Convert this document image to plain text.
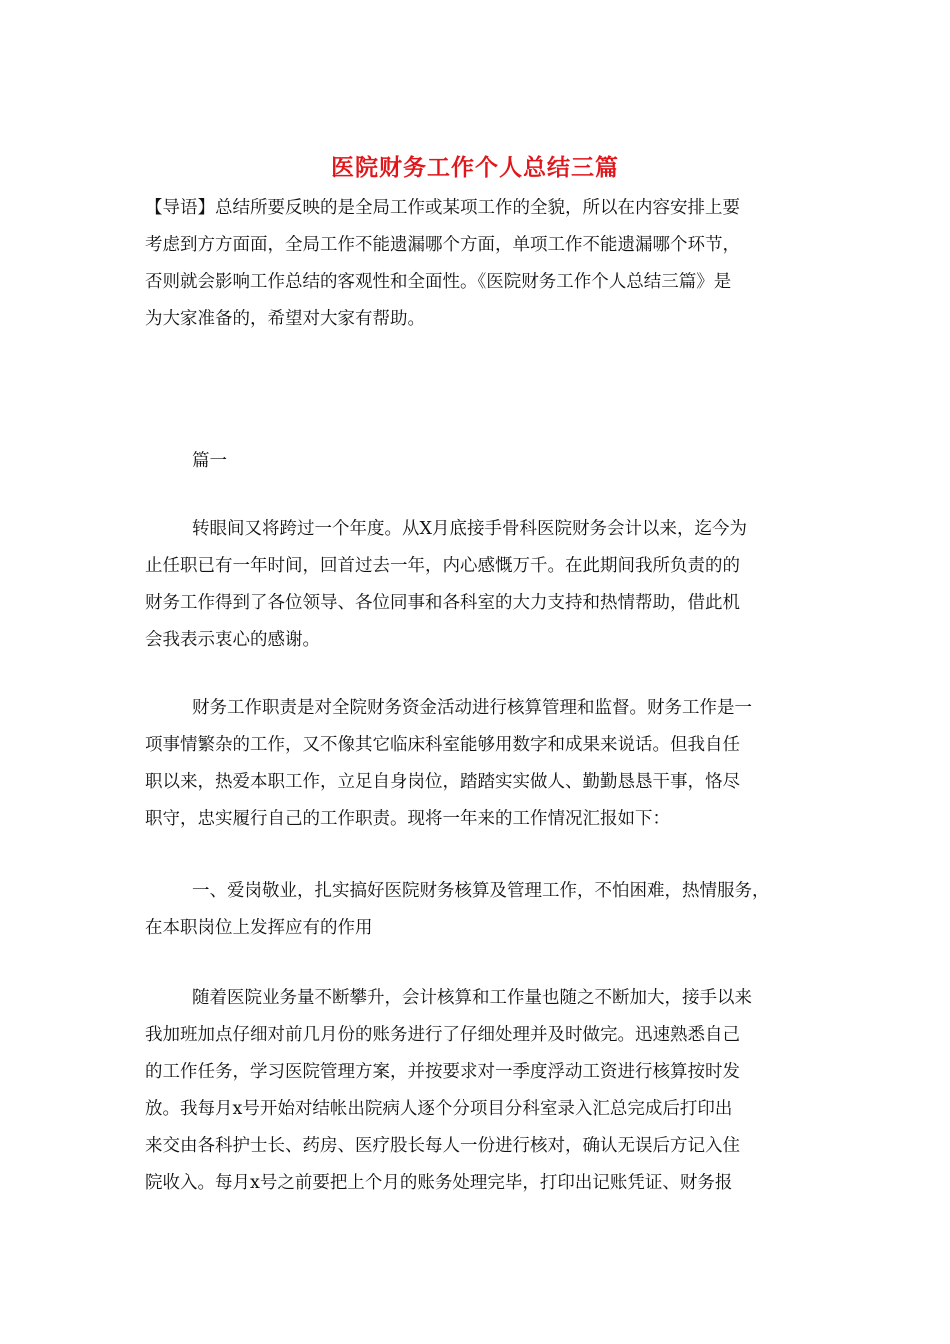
医院财务工作个人总结三篇
【导语】总结所要反映的是全局工作或某项工作的全貌，所以在内容安排上要
考虑到方方面面，全局工作不能遗漏哪个方面，单项工作不能遗漏哪个环节，
否则就会影响工作总结的客观性和全面性。《医院财务工作个人总结三篇》是
为大家准备的，希望对大家有帮助。
篇一
转眼间又将跨过一个年度。从X月底接手骨科医院财务会计以来，迄今为
止任职已有一年时间，回首过去一年，内心感慨万千。在此期间我所负责的的
财务工作得到了各位领导、各位同事和各科室的大力支持和热情帮助，借此机
会我表示衷心的感谢。
财务工作职责是对全院财务资金活动进行核算管理和监督。财务工作是一
项事情繁杂的工作，又不像其它临床科室能够用数字和成果来说话。但我自任
职以来，热爱本职工作，立足自身岗位，踏踏实实做人、勤勤恳恳干事，恪尽
职守，忠实履行自己的工作职责。现将一年来的工作情况汇报如下：
一、爱岗敬业，扎实搞好医院财务核算及管理工作，不怕困难，热情服务，
在本职岗位上发挥应有的作用
随着医院业务量不断攀升，会计核算和工作量也随之不断加大，接手以来
我加班加点仔细对前几月份的账务进行了仔细处理并及时做完。迅速熟悉自己
的工作任务，学习医院管理方案，并按要求对一季度浮动工资进行核算按时发
放。我每月x号开始对结帐出院病人逐个分项目分科室录入汇总完成后打印出
来交由各科护士长、药房、医疗股长每人一份进行核对，确认无误后方记入住
院收入。每月x号之前要把上个月的账务处理完毕，打印出记账凭证、财务报
